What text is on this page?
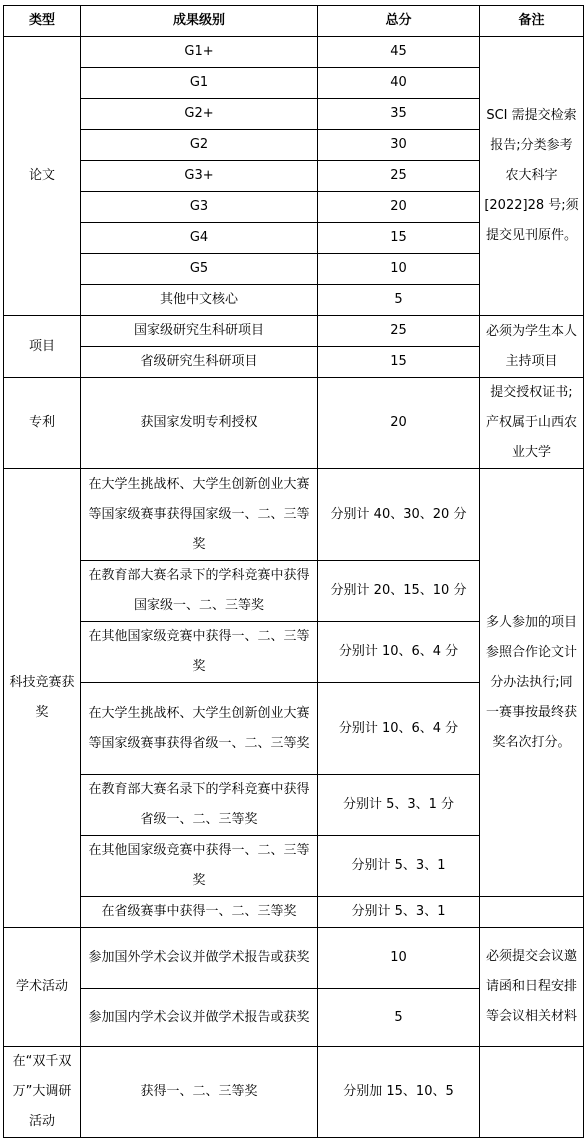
类型	成果级别	总分	备注
论文	G1+	45	SCI 需提交检索报告;分类参考农大科字[2022]28 号;须提交见刊原件。
	G1	40	
	G2+	35	
	G2	30	
	G3+	25	
	G3	20	
	G4	15	
	G5	10	
	其他中文核心	5	
项目	国家级研究生科研项目	25	必须为学生本人主持项目
	省级研究生科研项目	15	
专利	获国家发明专利授权	20	提交授权证书;产权属于山西农业大学
科技竞赛获奖	在大学生挑战杯、大学生创新创业大赛等国家级赛事获得国家级一、二、三等奖	分别计 40、30、20 分	多人参加的项目参照合作论文计分办法执行;同一赛事按最终获奖名次打分。
	在教育部大赛名录下的学科竞赛中获得国家级一、二、三等奖	分别计 20、15、10 分	
	在其他国家级竞赛中获得一、二、三等奖	分别计 10、6、4 分	
	在大学生挑战杯、大学生创新创业大赛等国家级赛事获得省级一、二、三等奖	分别计 10、6、4 分	
	在教育部大赛名录下的学科竞赛中获得省级一、二、三等奖	分别计 5、3、1 分	
	在其他国家级竞赛中获得一、二、三等奖	分别计 5、3、1	
	在省级赛事中获得一、二、三等奖	分别计 5、3、1	
学术活动	参加国外学术会议并做学术报告或获奖	10	必须提交会议邀请函和日程安排等会议相关材料
	参加国内学术会议并做学术报告或获奖	5	
在“双千双万”大调研活动	获得一、二、三等奖	分别加 15、10、5	
